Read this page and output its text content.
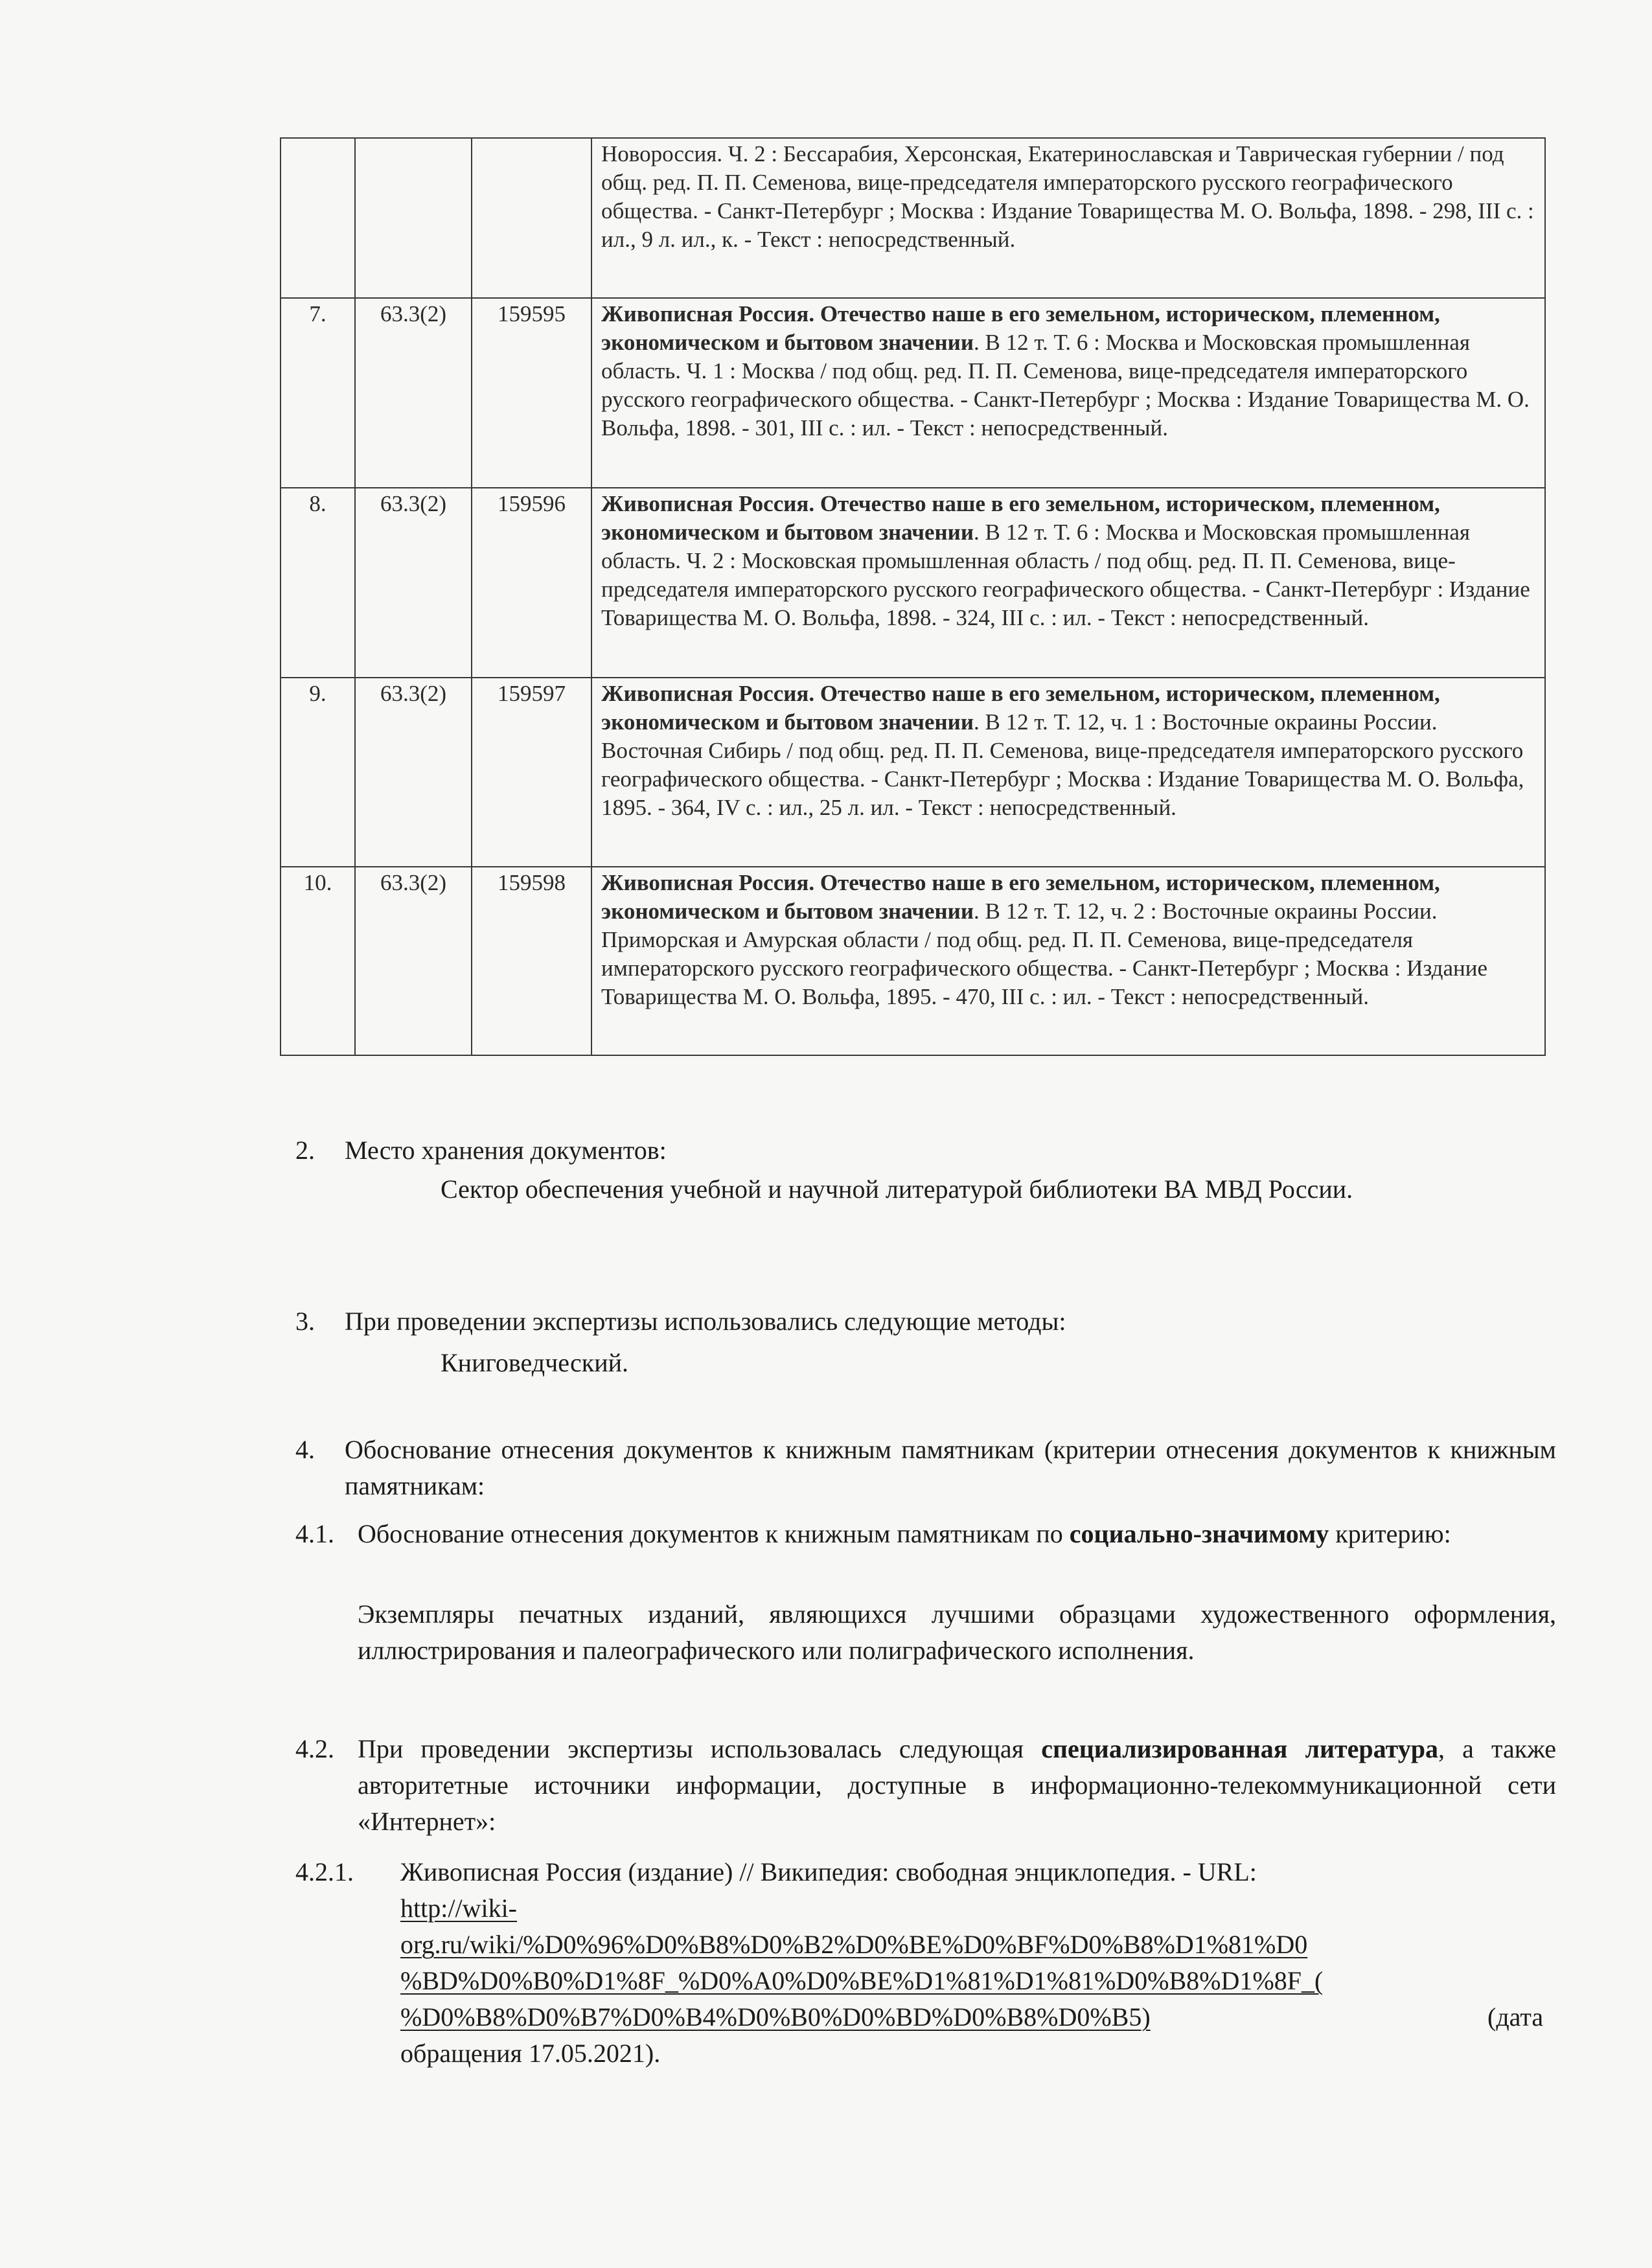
			Новороссия. Ч. 2 : Бессарабия, Херсонская, Екатеринославская и Таврическая губернии / под общ. ред. П. П. Семенова, вице-председателя императорского русского географического общества. - Санкт-Петербург ; Москва : Издание Товарищества М. О. Вольфа, 1898. - 298, III с. : ил., 9 л. ил., к. - Текст : непосредственный.
7.	63.3(2)	159595	Живописная Россия. Отечество наше в его земельном, историческом, племенном, экономическом и бытовом значении. В 12 т. Т. 6 : Москва и Московская промышленная область. Ч. 1 : Москва / под общ. ред. П. П. Семенова, вице-председателя императорского русского географического общества. - Санкт-Петербург ; Москва : Издание Товарищества М. О. Вольфа, 1898. - 301, III с. : ил. - Текст : непосредственный.
8.	63.3(2)	159596	Живописная Россия. Отечество наше в его земельном, историческом, племенном, экономическом и бытовом значении. В 12 т. Т. 6 : Москва и Московская промышленная область. Ч. 2 : Московская промышленная область / под общ. ред. П. П. Семенова, вице-председателя императорского русского географического общества. - Санкт-Петербург : Издание Товарищества М. О. Вольфа, 1898. - 324, III с. : ил. - Текст : непосредственный.
9.	63.3(2)	159597	Живописная Россия. Отечество наше в его земельном, историческом, племенном, экономическом и бытовом значении. В 12 т. Т. 12, ч. 1 : Восточные окраины России. Восточная Сибирь / под общ. ред. П. П. Семенова, вице-председателя императорского русского географического общества. - Санкт-Петербург ; Москва : Издание Товарищества М. О. Вольфа, 1895. - 364, IV с. : ил., 25 л. ил. - Текст : непосредственный.
10.	63.3(2)	159598	Живописная Россия. Отечество наше в его земельном, историческом, племенном, экономическом и бытовом значении. В 12 т. Т. 12, ч. 2 : Восточные окраины России. Приморская и Амурская области / под общ. ред. П. П. Семенова, вице-председателя императорского русского географического общества. - Санкт-Петербург ; Москва : Издание Товарищества М. О. Вольфа, 1895. - 470, III с. : ил. - Текст : непосредственный.
2. Место хранения документов:
Сектор обеспечения учебной и научной литературой библиотеки ВА МВД России.
3. При проведении экспертизы использовались следующие методы:
Книговедческий.
4. Обоснование отнесения документов к книжным памятникам (критерии отнесения документов к книжным памятникам:
4.1. Обоснование отнесения документов к книжным памятникам по социально-значимому критерию:
Экземпляры печатных изданий, являющихся лучшими образцами художественного оформления, иллюстрирования и палеографического или полиграфического исполнения.
4.2. При проведении экспертизы использовалась следующая специализированная литература, а также авторитетные источники информации, доступные в информационно-телекоммуникационной сети «Интернет»:
4.2.1. Живописная Россия (издание) // Википедия: свободная энциклопедия. - URL:
http://wiki-
org.ru/wiki/%D0%96%D0%B8%D0%B2%D0%BE%D0%BF%D0%B8%D1%81%D0
%BD%D0%B0%D1%8F_%D0%A0%D0%BE%D1%81%D1%81%D0%B8%D1%8F_(
%D0%B8%D0%B7%D0%B4%D0%B0%D0%BD%D0%B8%D0%B5)	(дата
обращения 17.05.2021).
